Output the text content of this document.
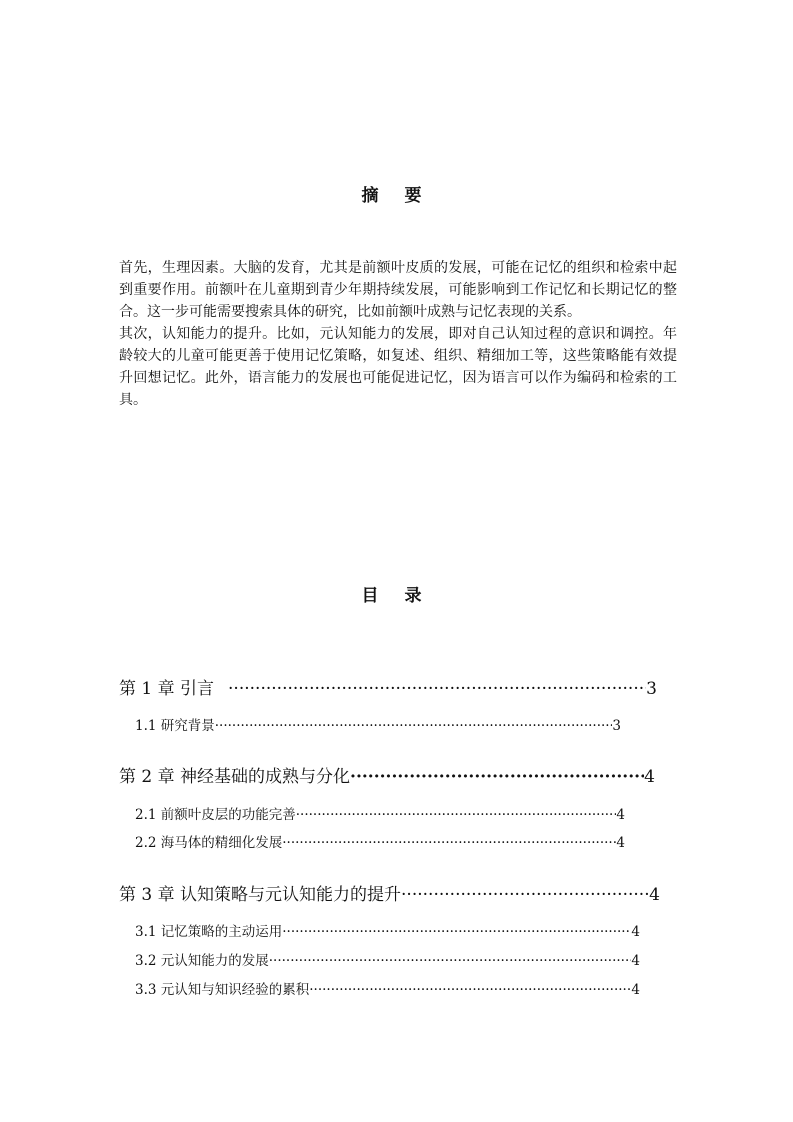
摘 要

首先，生理因素。大脑的发育，尤其是前额叶皮质的发展，可能在记忆的组织和检索中起到重要作用。前额叶在儿童期到青少年期持续发展，可能影响到工作记忆和长期记忆的整合。这一步可能需要搜索具体的研究，比如前额叶成熟与记忆表现的关系。

其次，认知能力的提升。比如，元认知能力的发展，即对自己认知过程的意识和调控。年龄较大的儿童可能更善于使用记忆策略，如复述、组织、精细加工等，这些策略能有效提升回想记忆。此外，语言能力的发展也可能促进记忆，因为语言可以作为编码和检索的工具。

目 录
第 1 章 引言 ·····	3
1.1 研究背景 ·····	3
第 2 章 神经基础的成熟与分化 ·····	4
2.1 前额叶皮层的功能完善 ·····	4
2.2 海马体的精细化发展 ·····	4
第 3 章 认知策略与元认知能力的提升 ·····	4
3.1 记忆策略的主动运用 ·····	4
3.2 元认知能力的发展 ·····	4
3.3 元认知与知识经验的累积 ·····	4
